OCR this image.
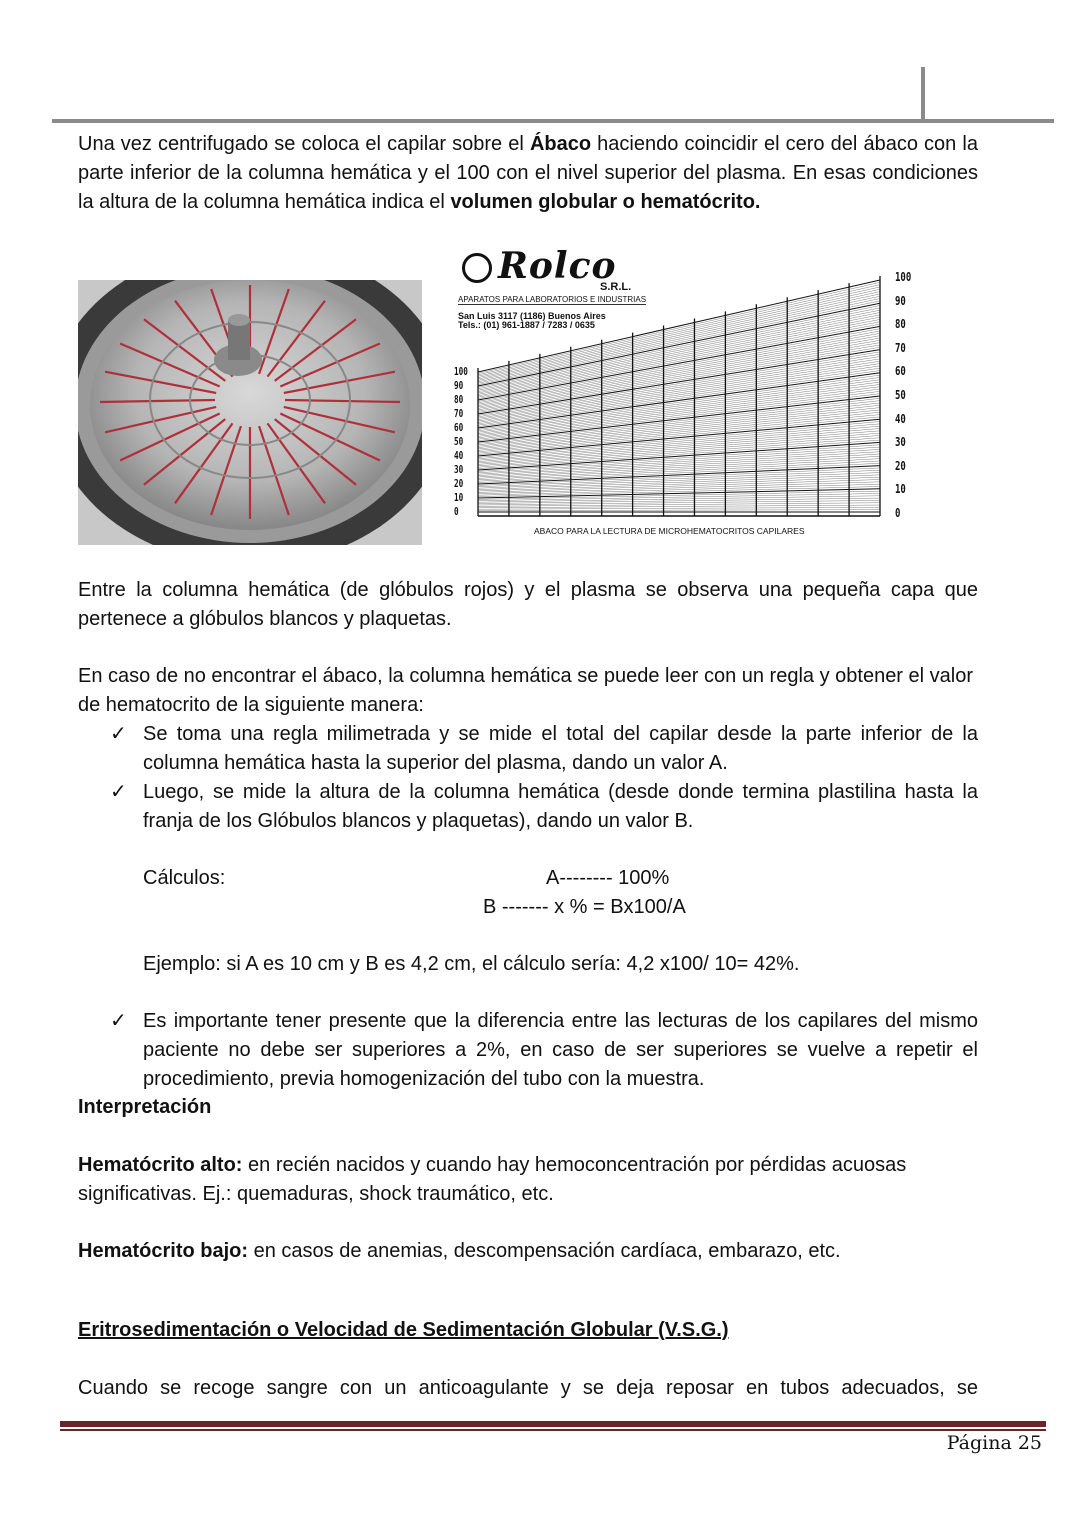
Una vez centrifugado se coloca el capilar sobre el Ábaco haciendo coincidir el cero del ábaco con la parte inferior de la columna hemática y el 100 con el nivel superior del plasma. En esas condiciones la altura de la columna hemática indica el volumen globular o hematócrito.

Rolco
S.R.L.
APARATOS PARA LABORATORIOS E INDUSTRIAS
San Luis 3117 (1186) Buenos Aires
Tels.: (01) 961-1887 / 7283 / 0635
100
90
80
70
60
50
40
30
20
10
0
100
90
80
70
60
50
40
30
20
10
0
ABACO PARA LA LECTURA DE MICROHEMATOCRITOS CAPILARES

Entre la columna hemática (de glóbulos rojos) y el plasma se observa una pequeña capa que pertenece a glóbulos blancos y plaquetas.

En caso de no encontrar el ábaco, la columna hemática se puede leer con un regla y obtener el valor de hematocrito de la siguiente manera:

✓ Se toma una regla milimetrada y se mide el total del capilar desde la parte inferior de la columna hemática hasta la superior del plasma, dando un valor A.
✓ Luego, se mide la altura de la columna hemática (desde donde termina plastilina hasta la franja de los Glóbulos blancos y plaquetas), dando un valor B.
Cálculos:	A-------- 100%
B ------- x % = Bx100/A
Ejemplo: si A es 10 cm y B es 4,2 cm, el cálculo sería: 4,2 x100/ 10= 42%.
✓ Es importante tener presente que la diferencia entre las lecturas de los capilares del mismo paciente no debe ser superiores a 2%, en caso de ser superiores se vuelve a repetir el procedimiento, previa homogenización del tubo con la muestra.
Interpretación
Hematócrito alto: en recién nacidos y cuando hay hemoconcentración por pérdidas acuosas significativas. Ej.: quemaduras, shock traumático, etc.
Hematócrito bajo: en casos de anemias, descompensación cardíaca, embarazo, etc.
Eritrosedimentación o Velocidad de Sedimentación Globular (V.S.G.)

Cuando se recoge sangre con un anticoagulante y se deja reposar en tubos adecuados, se

Página 25
